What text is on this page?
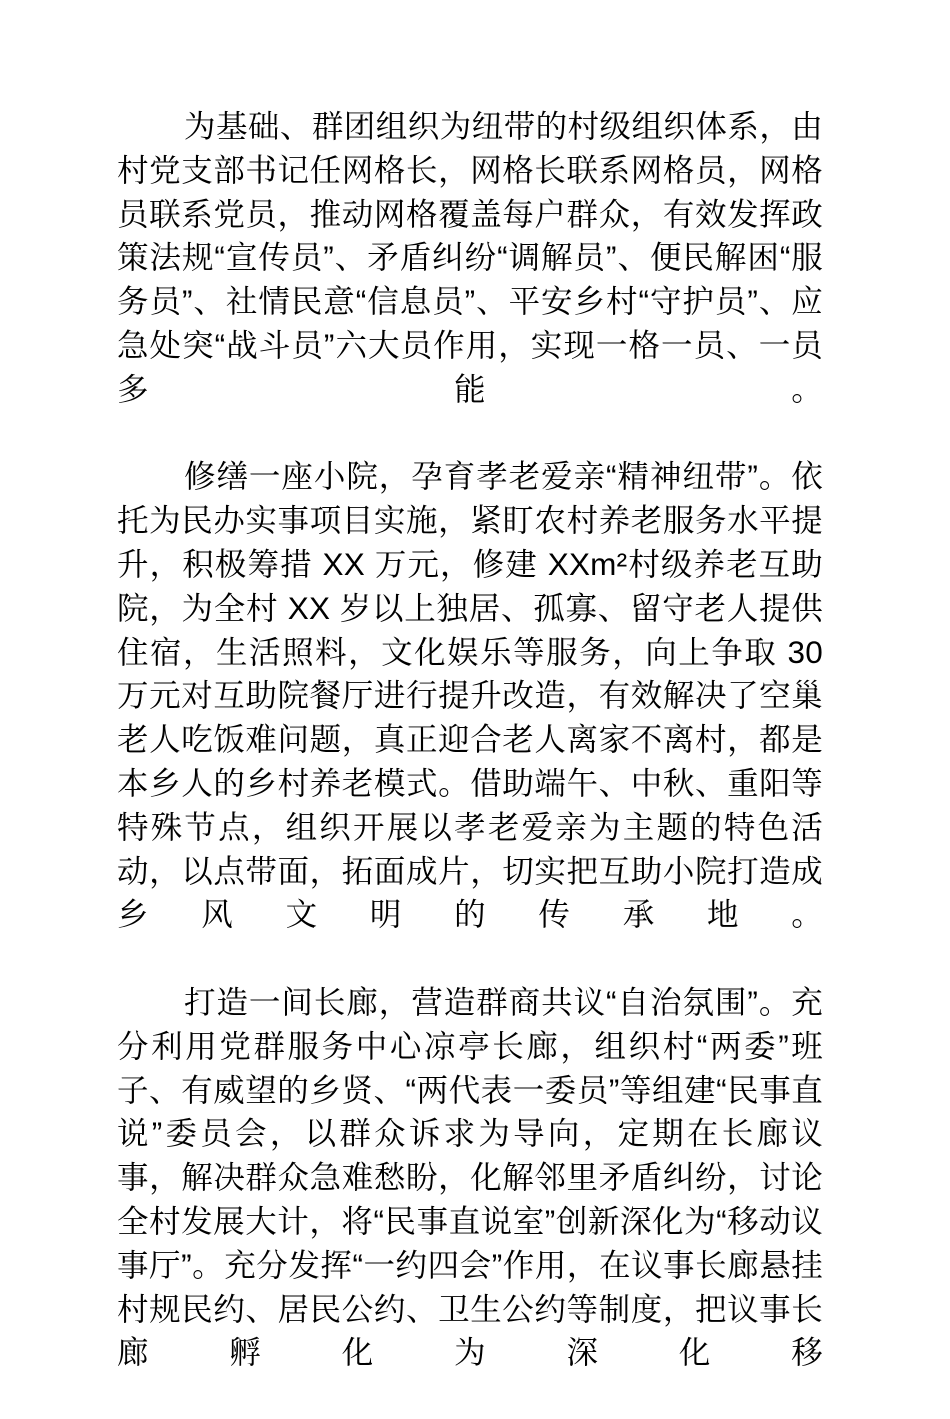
为基础、群团组织为纽带的村级组织体系，由村党支部书记任网格长，网格长联系网格员，网格员联系党员，推动网格覆盖每户群众，有效发挥政策法规“宣传员”、矛盾纠纷“调解员”、便民解困“服务员”、社情民意“信息员”、平安乡村“守护员”、应急处突“战斗员”六大员作用，实现一格一员、一员多能。

修缮一座小院，孕育孝老爱亲“精神纽带”。依托为民办实事项目实施，紧盯农村养老服务水平提升，积极筹措 XX 万元，修建 XXm²村级养老互助院，为全村 XX 岁以上独居、孤寡、留守老人提供住宿，生活照料，文化娱乐等服务，向上争取 30 万元对互助院餐厅进行提升改造，有效解决了空巢老人吃饭难问题，真正迎合老人离家不离村，都是本乡人的乡村养老模式。借助端午、中秋、重阳等特殊节点，组织开展以孝老爱亲为主题的特色活动，以点带面，拓面成片，切实把互助小院打造成乡风文明的传承地。

打造一间长廊，营造群商共议“自治氛围”。充分利用党群服务中心凉亭长廊，组织村“两委”班子、有威望的乡贤、“两代表一委员”等组建“民事直说”委员会，以群众诉求为导向，定期在长廊议事，解决群众急难愁盼，化解邻里矛盾纠纷，讨论全村发展大计，将“民事直说室”创新深化为“移动议事厅”。充分发挥“一约四会”作用，在议事长廊悬挂村规民约、居民公约、卫生公约等制度，把议事长廊孵化为深化移
